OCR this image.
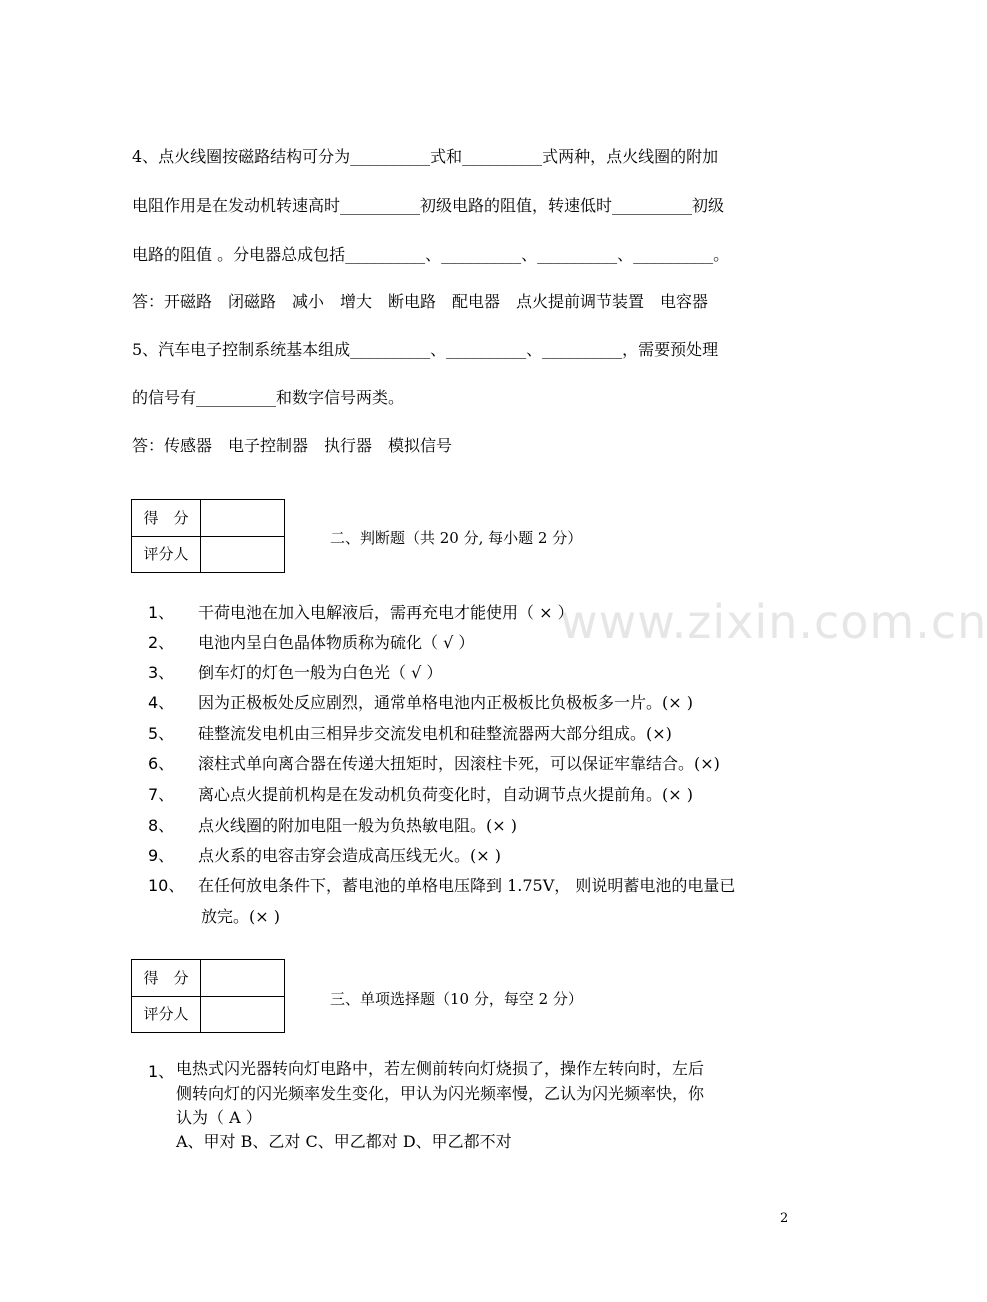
www.zixin.com.cn
4、点火线圈按磁路结构可分为__________式和__________式两种，点火线圈的附加
电阻作用是在发动机转速高时__________初级电路的阻值，转速低时__________初级
电路的阻值 。分电器总成包括__________、__________、__________、__________。
答：开磁路　闭磁路　减小　增大　断电路　配电器　点火提前调节装置　电容器
5、汽车电子控制系统基本组成__________、__________、__________，需要预处理
的信号有__________和数字信号两类。
答：传感器　电子控制器　执行器　模拟信号
得　分
评分人
二、判断题（共 20 分, 每小题 2 分）
1、 干荷电池在加入电解液后，需再充电才能使用（ × ）
2、 电池内呈白色晶体物质称为硫化（ √ ）
3、 倒车灯的灯色一般为白色光（ √ ）
4、 因为正极板处反应剧烈，通常单格电池内正极板比负极板多一片。(× )
5、 硅整流发电机由三相异步交流发电机和硅整流器两大部分组成。(×)
6、 滚柱式单向离合器在传递大扭矩时，因滚柱卡死，可以保证牢靠结合。(×)
7、 离心点火提前机构是在发动机负荷变化时，自动调节点火提前角。(× )
8、 点火线圈的附加电阻一般为负热敏电阻。(× )
9、 点火系的电容击穿会造成高压线无火。(× )
10、 在任何放电条件下，蓄电池的单格电压降到 1.75V， 则说明蓄电池的电量已
放完。(× )
得　分
评分人
三、单项选择题（10 分，每空 2 分）
1、 电热式闪光器转向灯电路中，若左侧前转向灯烧损了，操作左转向时，左后
侧转向灯的闪光频率发生变化，甲认为闪光频率慢，乙认为闪光频率快，你
认为（ A ）
A、甲对 B、乙对 C、甲乙都对 D、甲乙都不对
2
